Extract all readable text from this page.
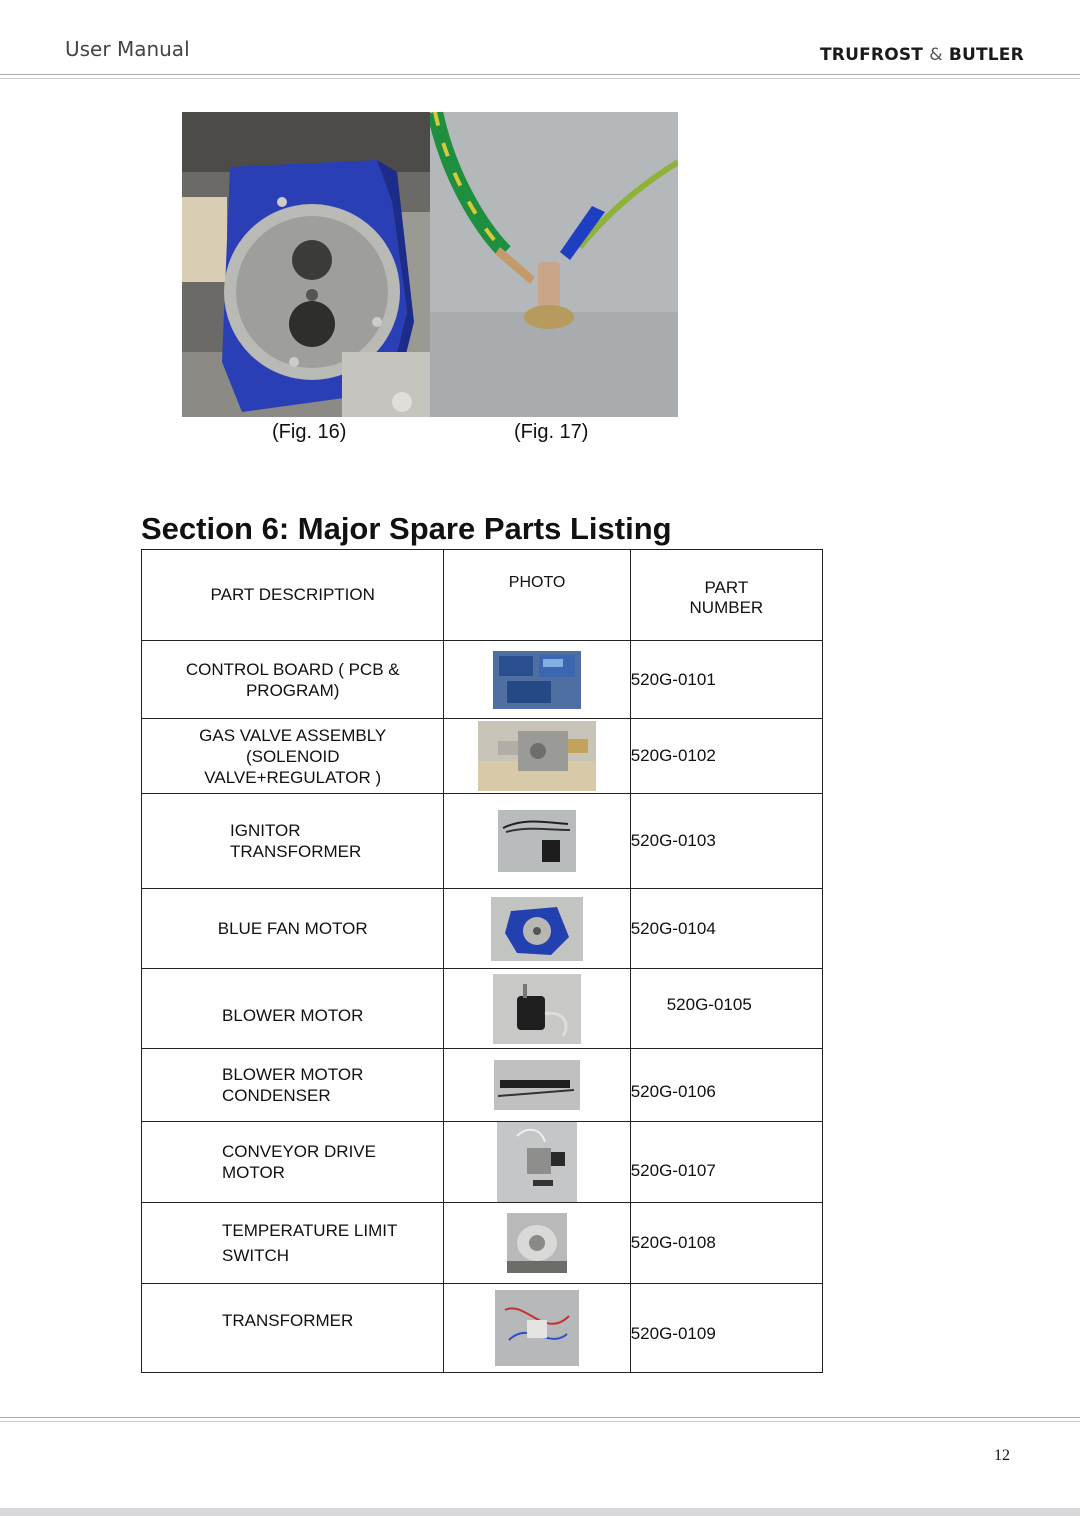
User Manual	TRUFROST & BUTLER
(Fig. 16)	(Fig. 17)
Section 6: Major Spare Parts Listing
PART DESCRIPTION	PHOTO	PART
NUMBER

CONTROL BOARD ( PCB &
PROGRAM)		520G-0101

GAS VALVE ASSEMBLY
(SOLENOID
VALVE+REGULATOR )		520G-0102

IGNITOR
TRANSFORMER		520G-0103
BLUE FAN MOTOR		520G-0104

BLOWER MOTOR		520G-0105

BLOWER MOTOR
CONDENSER		520G-0106

CONVEYOR DRIVE
MOTOR		520G-0107

TEMPERATURE LIMIT
SWITCH		520G-0108

TRANSFORMER		520G-0109
12
